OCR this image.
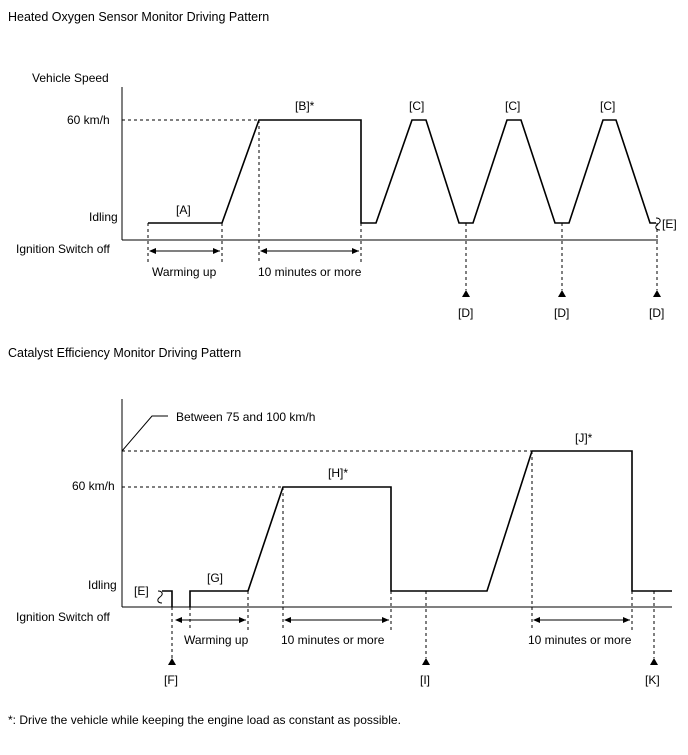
Heated Oxygen Sensor Monitor Driving Pattern
Vehicle Speed
60 km/h
Idling
Ignition Switch off
[A]
[B]*	[C]	[C]	[C]
[E]
Warming up	10 minutes or more
[D]	[D]	[D]
Catalyst Efficiency Monitor Driving Pattern
60 km/h
Idling
Ignition Switch off
Between 75 and 100 km/h
[E]
[G]
[H]*
[J]*
Warming up	10 minutes or more	10 minutes or more
[F]	[I]	[K]
*: Drive the vehicle while keeping the engine load as constant as possible.
